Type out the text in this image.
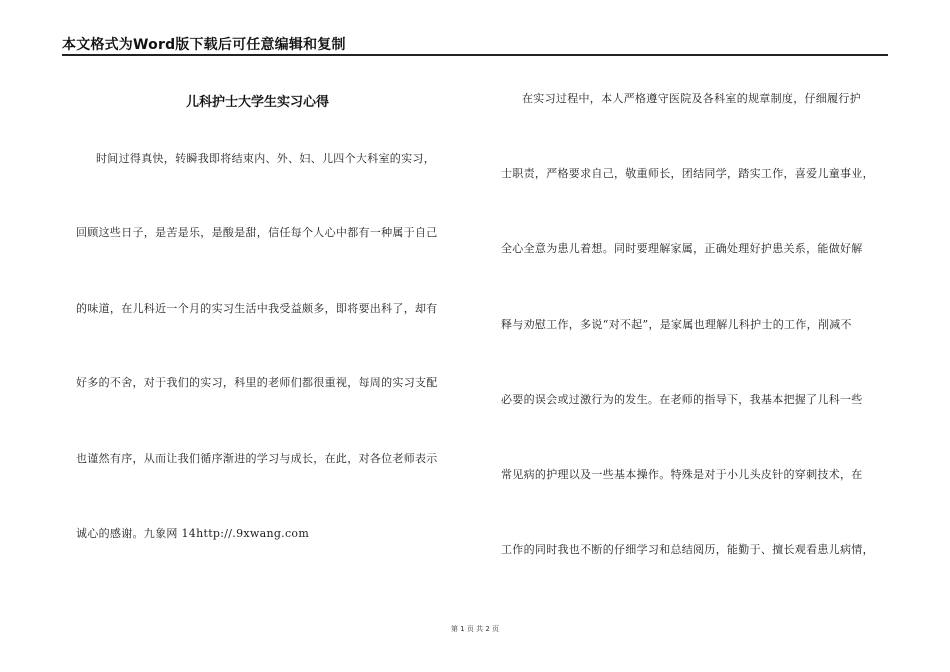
本文格式为Word版下载后可任意编辑和复制
儿科护士大学生实习心得
时间过得真快，转瞬我即将结束内、外、妇、儿四个大科室的实习，
回顾这些日子，是苦是乐，是酸是甜，信任每个人心中都有一种属于自己
的味道，在儿科近一个月的实习生活中我受益颇多，即将要出科了，却有
好多的不舍，对于我们的实习，科里的老师们都很重视，每周的实习支配
也谨然有序，从而让我们循序渐进的学习与成长，在此，对各位老师表示
诚心的感谢。九象网 14http://.9xwang.com
在实习过程中，本人严格遵守医院及各科室的规章制度，仔细履行护
士职责，严格要求自己，敬重师长，团结同学，踏实工作，喜爱儿童事业，
全心全意为患儿着想。同时要理解家属，正确处理好护患关系，能做好解
释与劝慰工作，多说“对不起”，是家属也理解儿科护士的工作，削减不
必要的误会或过激行为的发生。在老师的指导下，我基本把握了儿科一些
常见病的护理以及一些基本操作。特殊是对于小儿头皮针的穿刺技术，在
工作的同时我也不断的仔细学习和总结阅历，能勤于、擅长观看患儿病情，
第 1 页 共 2 页
